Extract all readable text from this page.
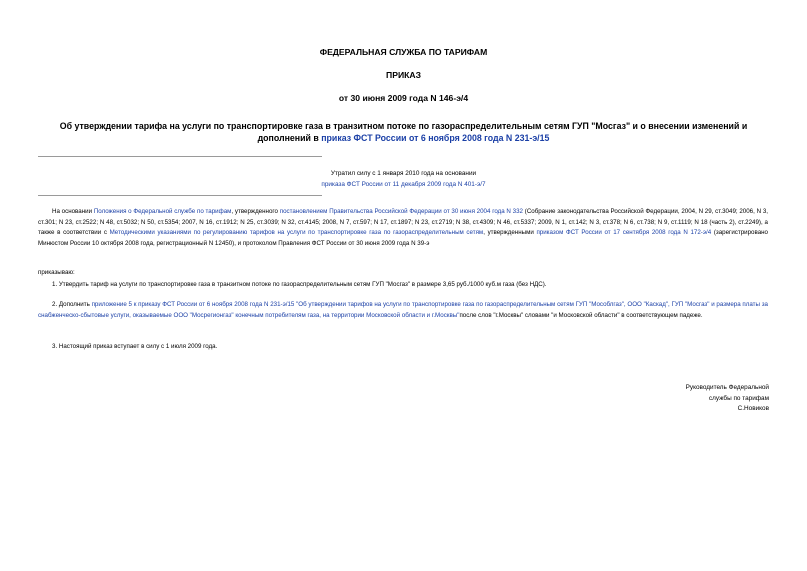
ФЕДЕРАЛЬНАЯ СЛУЖБА ПО ТАРИФАМ
ПРИКАЗ
от 30 июня 2009 года N 146-э/4
Об утверждении тарифа на услуги по транспортировке газа в транзитном потоке по газораспределительным сетям ГУП "Мосгаз" и о внесении изменений и дополнений в приказ ФСТ России от 6 ноября 2008 года N 231-э/15
Утратил силу с 1 января 2010 года на основании
приказа ФСТ России от 11 декабря 2009 года N 401-э/7
На основании Положения о Федеральной службе по тарифам, утвержденного постановлением Правительства Российской Федерации от 30 июня 2004 года N 332 (Собрание законодательства Российской Федерации, 2004, N 29, ст.3049; 2006, N 3, ст.301; N 23, ст.2522; N 48, ст.5032; N 50, ст.5354; 2007, N 16, ст.1912; N 25, ст.3039; N 32, ст.4145; 2008, N 7, ст.597; N 17, ст.1897; N 23, ст.2719; N 38, ст.4309; N 46, ст.5337; 2009, N 1, ст.142; N 3, ст.378; N 6, ст.738; N 9, ст.1119; N 18 (часть 2), ст.2249), а также в соответствии с Методическими указаниями по регулированию тарифов на услуги по транспортировке газа по газораспределительным сетям, утвержденными приказом ФСТ России от 17 сентября 2008 года N 172-э/4 (зарегистрировано Минюстом России 10 октября 2008 года, регистрационный N 12450), и протоколом Правления ФСТ России от 30 июня 2009 года N 39-э
приказываю:
1. Утвердить тариф на услуги по транспортировке газа в транзитном потоке по газораспределительным сетям ГУП "Мосгаз" в размере 3,65 руб./1000 куб.м газа (без НДС).
2. Дополнить приложение 5 к приказу ФСТ России от 6 ноября 2008 года N 231-э/15 "Об утверждении тарифов на услуги по транспортировке газа по газораспределительным сетям ГУП "Мособлгаз", ООО "Каскад", ГУП "Мосгаз" и размера платы за снабженческо-сбытовые услуги, оказываемые ООО "Мосрегионгаз" конечным потребителям газа, на территории Московской области и г.Москвы"после слов "г.Москвы" словами "и Московской области" в соответствующем падеже.
3. Настоящий приказ вступает в силу с 1 июля 2009 года.
Руководитель Федеральной
службы по тарифам
С.Новиков
